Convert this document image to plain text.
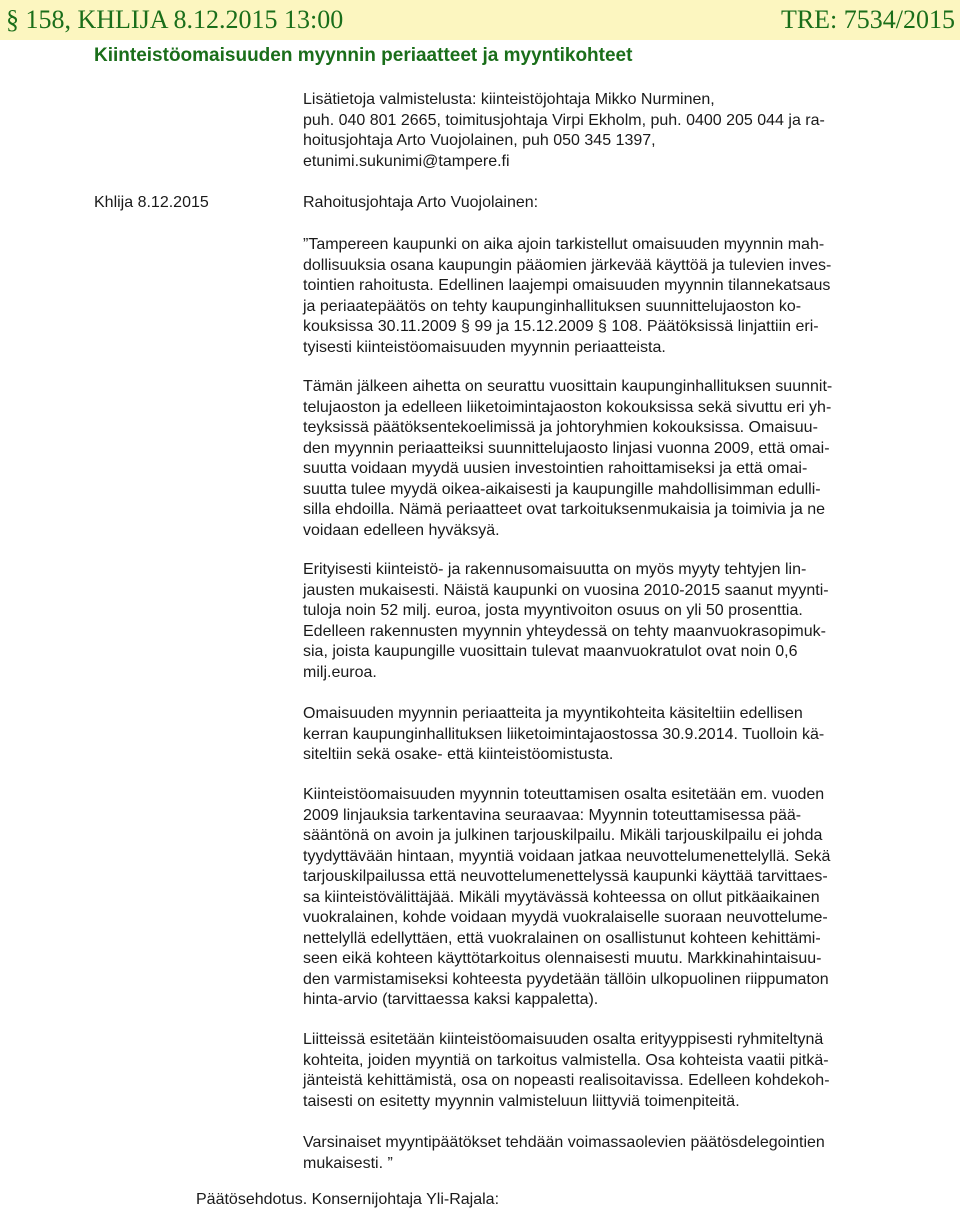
§ 158, KHLIJA 8.12.2015 13:00	TRE: 7534/2015
Kiinteistöomaisuuden myynnin periaatteet ja myyntikohteet
Lisätietoja valmistelusta: kiinteistöjohtaja Mikko Nurminen,
puh. 040 801 2665, toimitusjohtaja Virpi Ekholm, puh. 0400 205 044 ja ra-
hoitusjohtaja Arto Vuojolainen, puh 050 345 1397,
etunimi.sukunimi@tampere.fi
Khlija 8.12.2015	Rahoitusjohtaja Arto Vuojolainen:
”Tampereen kaupunki on aika ajoin tarkistellut omaisuuden myynnin mah-
dollisuuksia osana kaupungin pääomien järkevää käyttöä ja tulevien inves-
tointien rahoitusta. Edellinen laajempi omaisuuden myynnin tilannekatsaus
ja periaatepäätös on tehty kaupunginhallituksen suunnittelujaoston ko-
kouksissa 30.11.2009 § 99 ja 15.12.2009 § 108. Päätöksissä linjattiin eri-
tyisesti kiinteistöomaisuuden myynnin periaatteista.
Tämän jälkeen aihetta on seurattu vuosittain kaupunginhallituksen suunnit-
telujaoston ja edelleen liiketoimintajaoston kokouksissa sekä sivuttu eri yh-
teyksissä päätöksentekoelimissä ja johtoryhmien kokouksissa. Omaisuu-
den myynnin periaatteiksi suunnittelujaosto linjasi vuonna 2009, että omai-
suutta voidaan myydä uusien investointien rahoittamiseksi ja että omai-
suutta tulee myydä oikea-aikaisesti ja kaupungille mahdollisimman edulli-
silla ehdoilla. Nämä periaatteet ovat tarkoituksenmukaisia ja toimivia ja ne
voidaan edelleen hyväksyä.
Erityisesti kiinteistö- ja rakennusomaisuutta on myös myyty tehtyjen lin-
jausten mukaisesti. Näistä kaupunki on vuosina 2010-2015 saanut myynti-
tuloja noin 52 milj. euroa, josta myyntivoiton osuus on yli 50 prosenttia.
Edelleen rakennusten myynnin yhteydessä on tehty maanvuokrasopimuk-
sia, joista kaupungille vuosittain tulevat maanvuokratulot ovat noin 0,6
milj.euroa.
Omaisuuden myynnin periaatteita ja myyntikohteita käsiteltiin edellisen
kerran kaupunginhallituksen liiketoimintajaostossa 30.9.2014. Tuolloin kä-
siteltiin sekä osake- että kiinteistöomistusta.
Kiinteistöomaisuuden myynnin toteuttamisen osalta esitetään em. vuoden
2009 linjauksia tarkentavina seuraavaa: Myynnin toteuttamisessa pää-
sääntönä on avoin ja julkinen tarjouskilpailu. Mikäli tarjouskilpailu ei johda
tyydyttävään hintaan, myyntiä voidaan jatkaa neuvottelumenettelyllä. Sekä
tarjouskilpailussa että neuvottelumenettelyssä kaupunki käyttää tarvittaes-
sa kiinteistövälittäjää. Mikäli myytävässä kohteessa on ollut pitkäaikainen
vuokralainen, kohde voidaan myydä vuokralaiselle suoraan neuvottelume-
nettelyllä edellyttäen, että vuokralainen on osallistunut kohteen kehittämi-
seen eikä kohteen käyttötarkoitus olennaisesti muutu. Markkinahintaisuu-
den varmistamiseksi kohteesta pyydetään tällöin ulkopuolinen riippumaton
hinta-arvio (tarvittaessa kaksi kappaletta).
Liitteissä esitetään kiinteistöomaisuuden osalta erityyppisesti ryhmiteltynä
kohteita, joiden myyntiä on tarkoitus valmistella. Osa kohteista vaatii pitkä-
jänteistä kehittämistä, osa on nopeasti realisoitavissa. Edelleen kohdekoh-
taisesti on esitetty myynnin valmisteluun liittyviä toimenpiteitä.
Varsinaiset myyntipäätökset tehdään voimassaolevien päätösdelegointien
mukaisesti. ”
Päätösehdotus. Konsernijohtaja Yli-Rajala:
